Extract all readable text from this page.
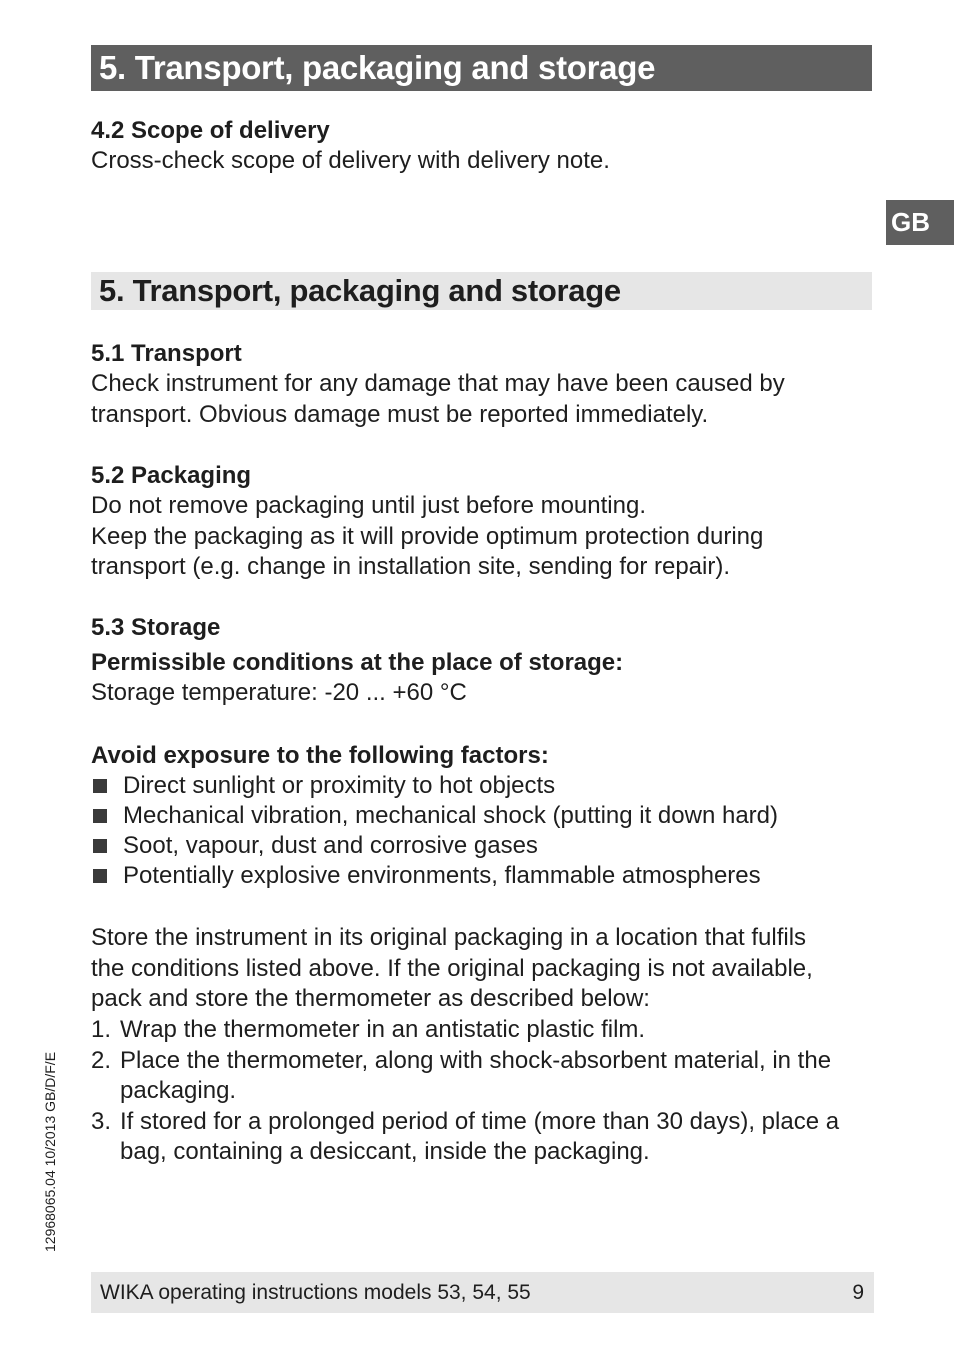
5. Transport, packaging and storage
GB

4.2 Scope of delivery

Cross-check scope of delivery with delivery note.

5. Transport, packaging and storage

5.1 Transport

Check instrument for any damage that may have been caused by

transport. Obvious damage must be reported immediately.

5.2 Packaging

Do not remove packaging until just before mounting.

Keep the packaging as it will provide optimum protection during

transport (e.g. change in installation site, sending for repair).

5.3 Storage

Permissible conditions at the place of storage:

Storage temperature: -20 ... +60 °C

Avoid exposure to the following factors:

Direct sunlight or proximity to hot objects
Mechanical vibration, mechanical shock (putting it down hard)
Soot, vapour, dust and corrosive gases
Potentially explosive environments, flammable atmospheres

Store the instrument in its original packaging in a location that fulfils

the conditions listed above. If the original packaging is not available,

pack and store the thermometer as described below:

1. Wrap the thermometer in an antistatic plastic film.
2. Place the thermometer, along with shock-absorbent material, in the
packaging.
3. If stored for a prolonged period of time (more than 30 days), place a
bag, containing a desiccant, inside the packaging.
12968065.04 10/2013 GB/D/F/E
WIKA operating instructions models 53, 54, 55	9
